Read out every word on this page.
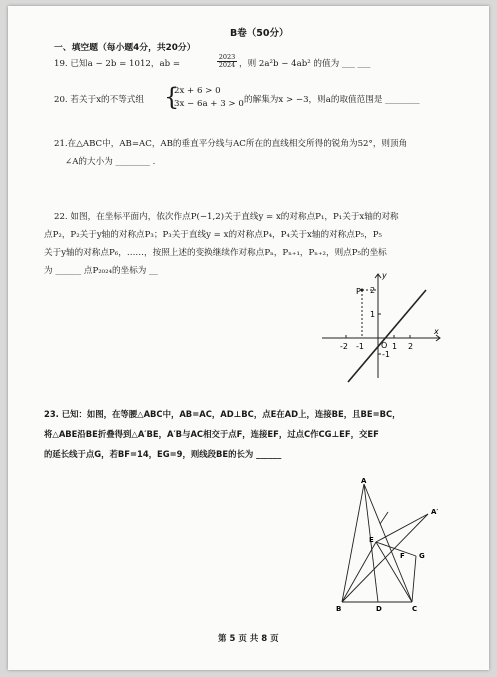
B卷（50分）
一、填空题（每小题4分，共20分）
19. 已知a − 2b = 1012，ab =	$\frac{2023}{2024}$ ，则 2a²b − 4ab² 的值为 ___ ___
20. 若关于x的不等式组 {
2x + 6 > 0
3x − 6a + 3 > 0 的解集为x > −3，则a的取值范围是 ________
21.在△ABC中，AB=AC，AB的垂直平分线与AC所在的直线相交所得的锐角为52°，则顶角
∠A的大小为 ________ .
22. 如图，在坐标平面内，依次作点P(−1,2)关于直线y = x的对称点P₁，P₁关于x轴的对称
点P₂，P₂关于y轴的对称点P₃；P₃关于直线y = x的对称点P₄，P₄关于x轴的对称点P₅，P₅
关于y轴的对称点P₆，……，按照上述的变换继续作对称点Pₙ，Pₙ₊₁，Pₙ₊₂，则点P₅的坐标
为 ______ 点P₂₀₂₄的坐标为 __
P
y
x
O
-2 -1	1 2
2
1
-1
23. 已知：如图，在等腰△ABC中，AB=AC，AD⊥BC，点E在AD上，连接BE，且BE=BC，
将△ABE沿BE折叠得到△A′BE，A′B与AC相交于点F，连接EF，过点C作CG⊥EF，交EF
的延长线于点G，若BF=14，EG=9，则线段BE的长为 ______
A
A′
E
F G
B	D	C
第 5 页 共 8 页
